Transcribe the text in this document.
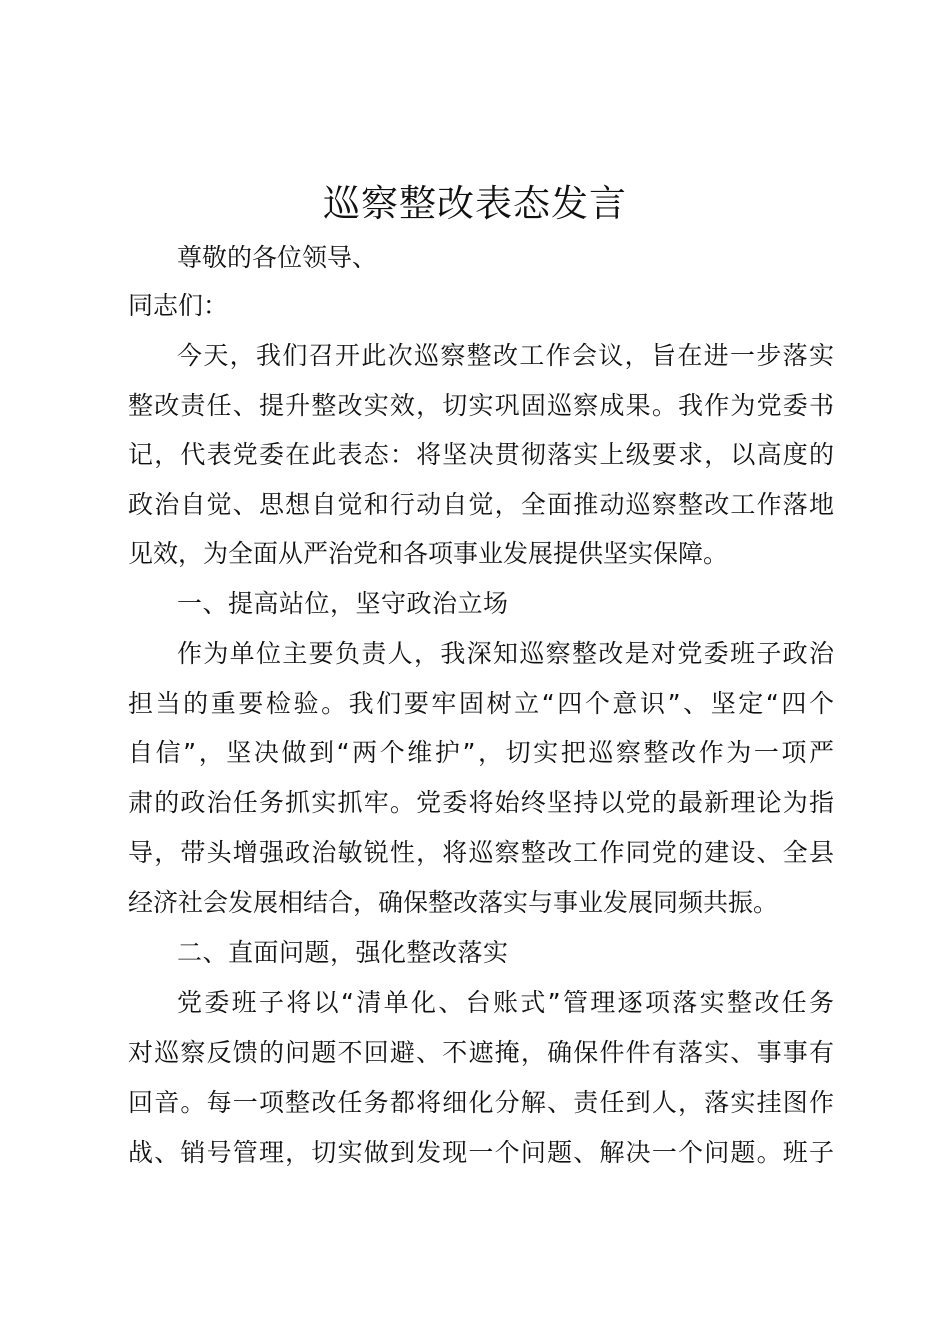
巡察整改表态发言
尊敬的各位领导、
同志们：
今天，我们召开此次巡察整改工作会议，旨在进一步落实
整改责任、提升整改实效，切实巩固巡察成果。我作为党委书
记，代表党委在此表态：将坚决贯彻落实上级要求，以高度的
政治自觉、思想自觉和行动自觉，全面推动巡察整改工作落地
见效，为全面从严治党和各项事业发展提供坚实保障。
一、提高站位，坚守政治立场
作为单位主要负责人，我深知巡察整改是对党委班子政治
担当的重要检验。我们要牢固树立“四个意识”、坚定“四个
自信”，坚决做到“两个维护”，切实把巡察整改作为一项严
肃的政治任务抓实抓牢。党委将始终坚持以党的最新理论为指
导，带头增强政治敏锐性，将巡察整改工作同党的建设、全县
经济社会发展相结合，确保整改落实与事业发展同频共振。
二、直面问题，强化整改落实
党委班子将以“清单化、台账式”管理逐项落实整改任务
对巡察反馈的问题不回避、不遮掩，确保件件有落实、事事有
回音。每一项整改任务都将细化分解、责任到人，落实挂图作
战、销号管理，切实做到发现一个问题、解决一个问题。班子
